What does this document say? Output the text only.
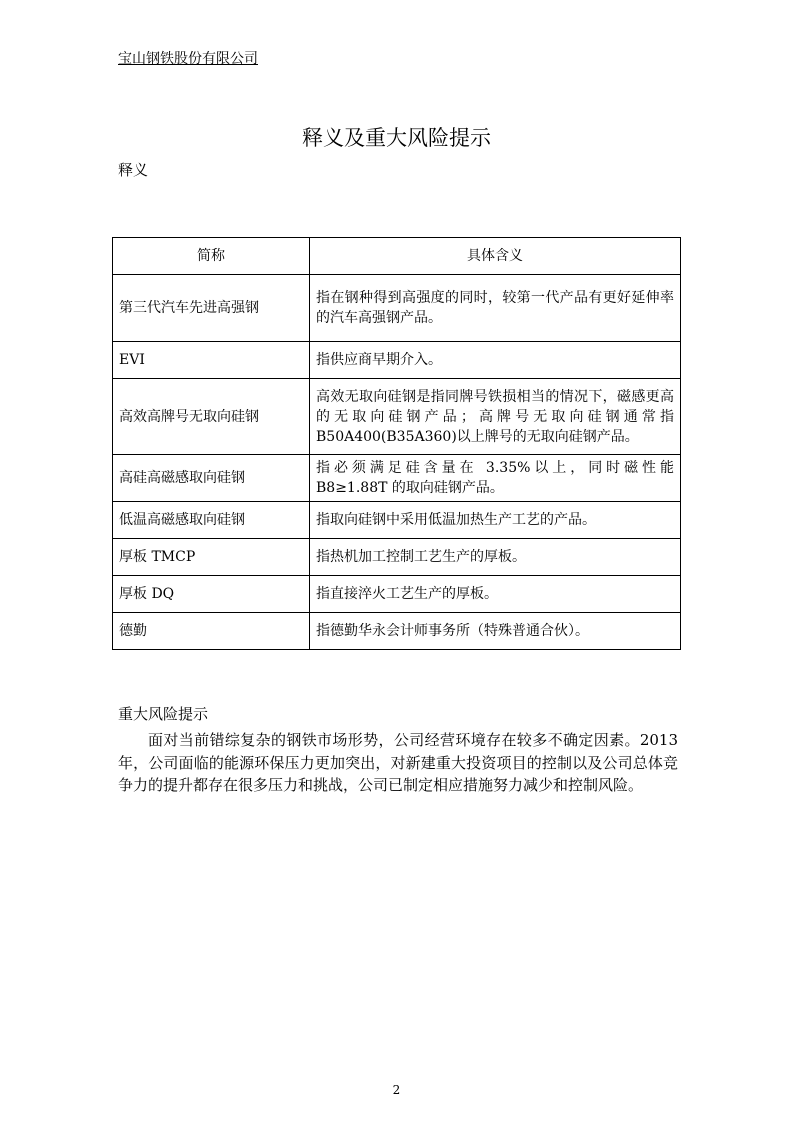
宝山钢铁股份有限公司
释义及重大风险提示
释义
简称	具体含义
第三代汽车先进高强钢	指在钢种得到高强度的同时，较第一代产品有更好延伸率的汽车高强钢产品。
EVI	指供应商早期介入。
高效高牌号无取向硅钢	高效无取向硅钢是指同牌号铁损相当的情况下，磁感更高的无取向硅钢产品；高牌号无取向硅钢通常指 B50A400(B35A360)以上牌号的无取向硅钢产品。
高硅高磁感取向硅钢	指必须满足硅含量在 3.35%以上，同时磁性能B8≥1.88T 的取向硅钢产品。
低温高磁感取向硅钢	指取向硅钢中采用低温加热生产工艺的产品。
厚板 TMCP	指热机加工控制工艺生产的厚板。
厚板 DQ	指直接淬火工艺生产的厚板。
德勤	指德勤华永会计师事务所（特殊普通合伙）。
重大风险提示

面对当前错综复杂的钢铁市场形势，公司经营环境存在较多不确定因素。2013 年，公司面临的能源环保压力更加突出，对新建重大投资项目的控制以及公司总体竞争力的提升都存在很多压力和挑战，公司已制定相应措施努力减少和控制风险。

2
